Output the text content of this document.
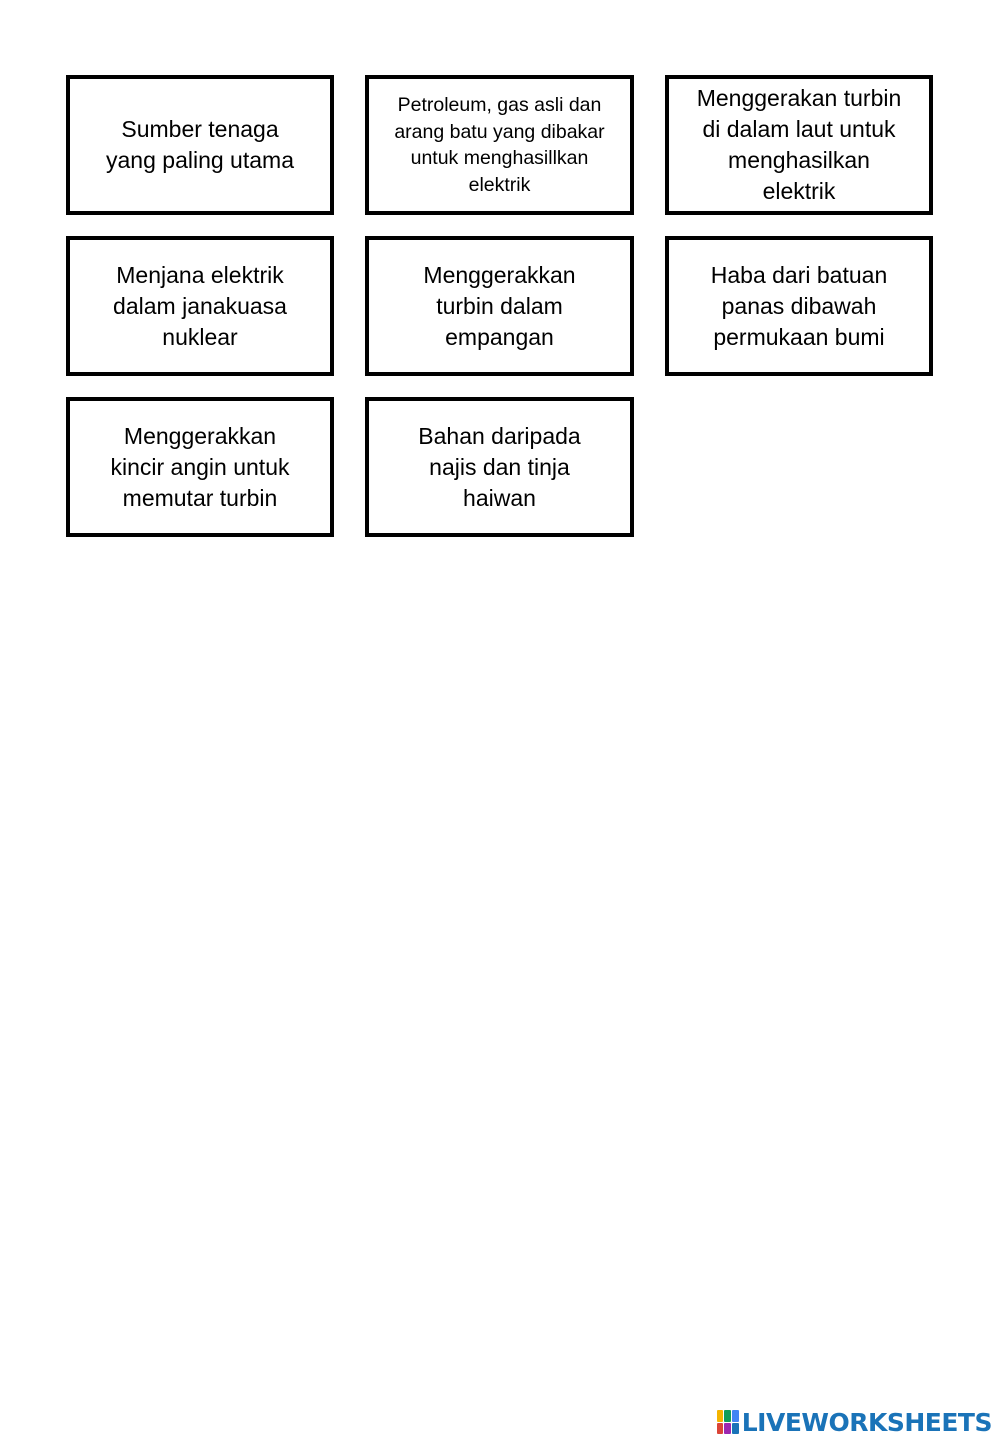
Sumber tenaga
yang paling utama
Petroleum, gas asli dan
arang batu yang dibakar
untuk menghasillkan
elektrik
Menggerakan turbin
di dalam laut untuk
menghasilkan
elektrik
Menjana elektrik
dalam janakuasa
nuklear
Menggerakkan
turbin dalam
empangan
Haba dari batuan
panas dibawah
permukaan bumi
Menggerakkan
kincir angin untuk
memutar turbin
Bahan daripada
najis dan tinja
haiwan
LIVEWORKSHEETS
